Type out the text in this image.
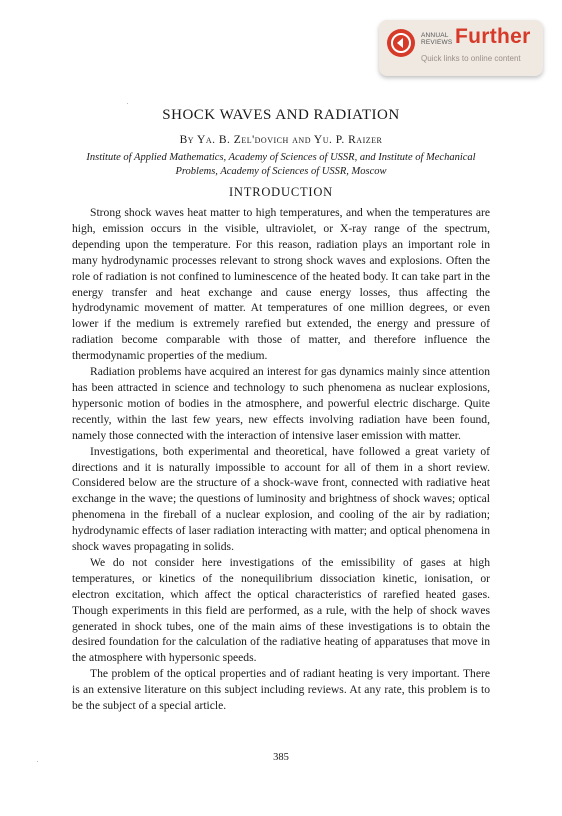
ANNUAL REVIEWS Further
Quick links to online content
SHOCK WAVES AND RADIATION
By Ya. B. Zel'dovich and Yu. P. Raizer
Institute of Applied Mathematics, Academy of Sciences of USSR, and Institute of Mechanical Problems, Academy of Sciences of USSR, Moscow
INTRODUCTION

Strong shock waves heat matter to high temperatures, and when the temperatures are high, emission occurs in the visible, ultraviolet, or X-ray range of the spectrum, depending upon the temperature. For this reason, radiation plays an important role in many hydrodynamic processes relevant to strong shock waves and explosions. Often the role of radiation is not confined to luminescence of the heated body. It can take part in the energy transfer and heat exchange and cause energy losses, thus affecting the hydrodynamic movement of matter. At temperatures of one million degrees, or even lower if the medium is extremely rarefied but extended, the energy and pressure of radiation become comparable with those of matter, and therefore influence the thermodynamic properties of the medium.

Radiation problems have acquired an interest for gas dynamics mainly since attention has been attracted in science and technology to such phenomena as nuclear explosions, hypersonic motion of bodies in the atmosphere, and powerful electric discharge. Quite recently, within the last few years, new effects involving radiation have been found, namely those connected with the interaction of intensive laser emission with matter.

Investigations, both experimental and theoretical, have followed a great variety of directions and it is naturally impossible to account for all of them in a short review. Considered below are the structure of a shock-wave front, connected with radiative heat exchange in the wave; the questions of luminosity and brightness of shock waves; optical phenomena in the fireball of a nuclear explosion, and cooling of the air by radiation; hydrodynamic effects of laser radiation interacting with matter; and optical phenomena in shock waves propagating in solids.

We do not consider here investigations of the emissibility of gases at high temperatures, or kinetics of the nonequilibrium dissociation kinetic, ionisation, or electron excitation, which affect the optical characteristics of rarefied heated gases. Though experiments in this field are performed, as a rule, with the help of shock waves generated in shock tubes, one of the main aims of these investigations is to obtain the desired foundation for the calculation of the radiative heating of apparatuses that move in the atmosphere with hypersonic speeds.

The problem of the optical properties and of radiant heating is very important. There is an extensive literature on this subject including reviews. At any rate, this problem is to be the subject of a special article.

385
